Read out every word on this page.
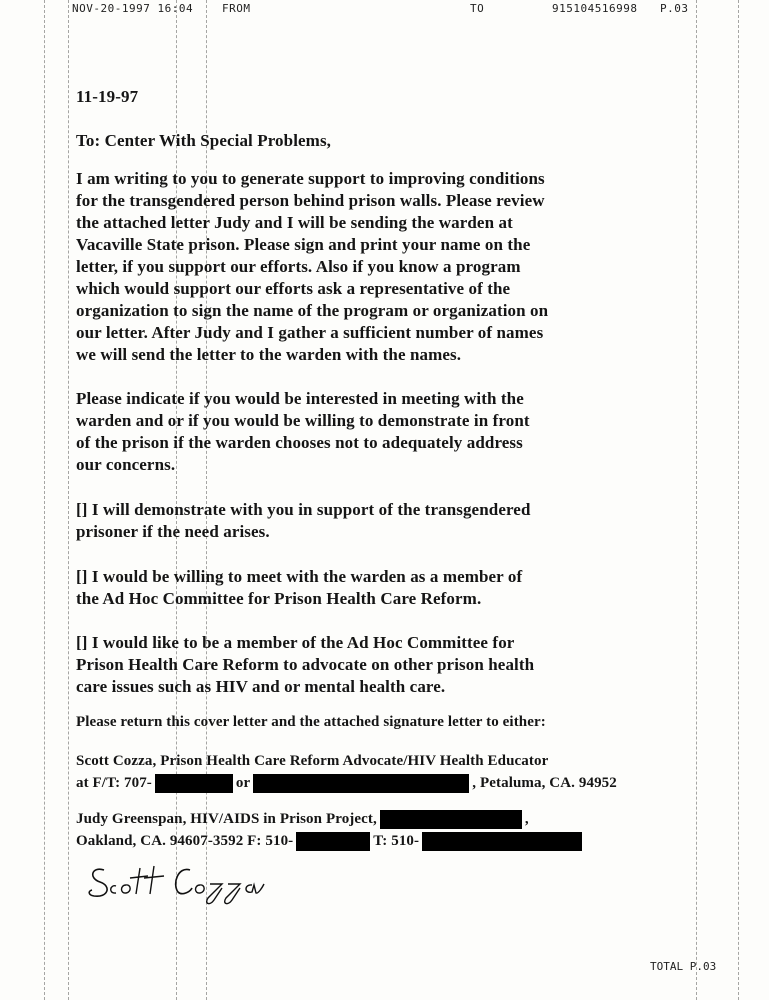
NOV-20-1997 16:04	FROM	TO	915104516998 P.03
11-19-97
To: Center With Special Problems,
I am writing to you to generate support to improving conditions
for the transgendered person behind prison walls. Please review
the attached letter Judy and I will be sending the warden at
Vacaville State prison. Please sign and print your name on the
letter, if you support our efforts. Also if you know a program
which would support our efforts ask a representative of the
organization to sign the name of the program or organization on
our letter. After Judy and I gather a sufficient number of names
we will send the letter to the warden with the names.
Please indicate if you would be interested in meeting with the
warden and or if you would be willing to demonstrate in front
of the prison if the warden chooses not to adequately address
our concerns.
[] I will demonstrate with you in support of the transgendered
prisoner if the need arises.
[] I would be willing to meet with the warden as a member of
the Ad Hoc Committee for Prison Health Care Reform.
[] I would like to be a member of the Ad Hoc Committee for
Prison Health Care Reform to advocate on other prison health
care issues such as HIV and or mental health care.
Please return this cover letter and the attached signature letter to either:
Scott Cozza, Prison Health Care Reform Advocate/HIV Health Educator
at F/T: 707-	or	, Petaluma, CA. 94952
Judy Greenspan, HIV/AIDS in Prison Project,	,
Oakland, CA. 94607-3592 F: 510-	T: 510-
TOTAL P.03
